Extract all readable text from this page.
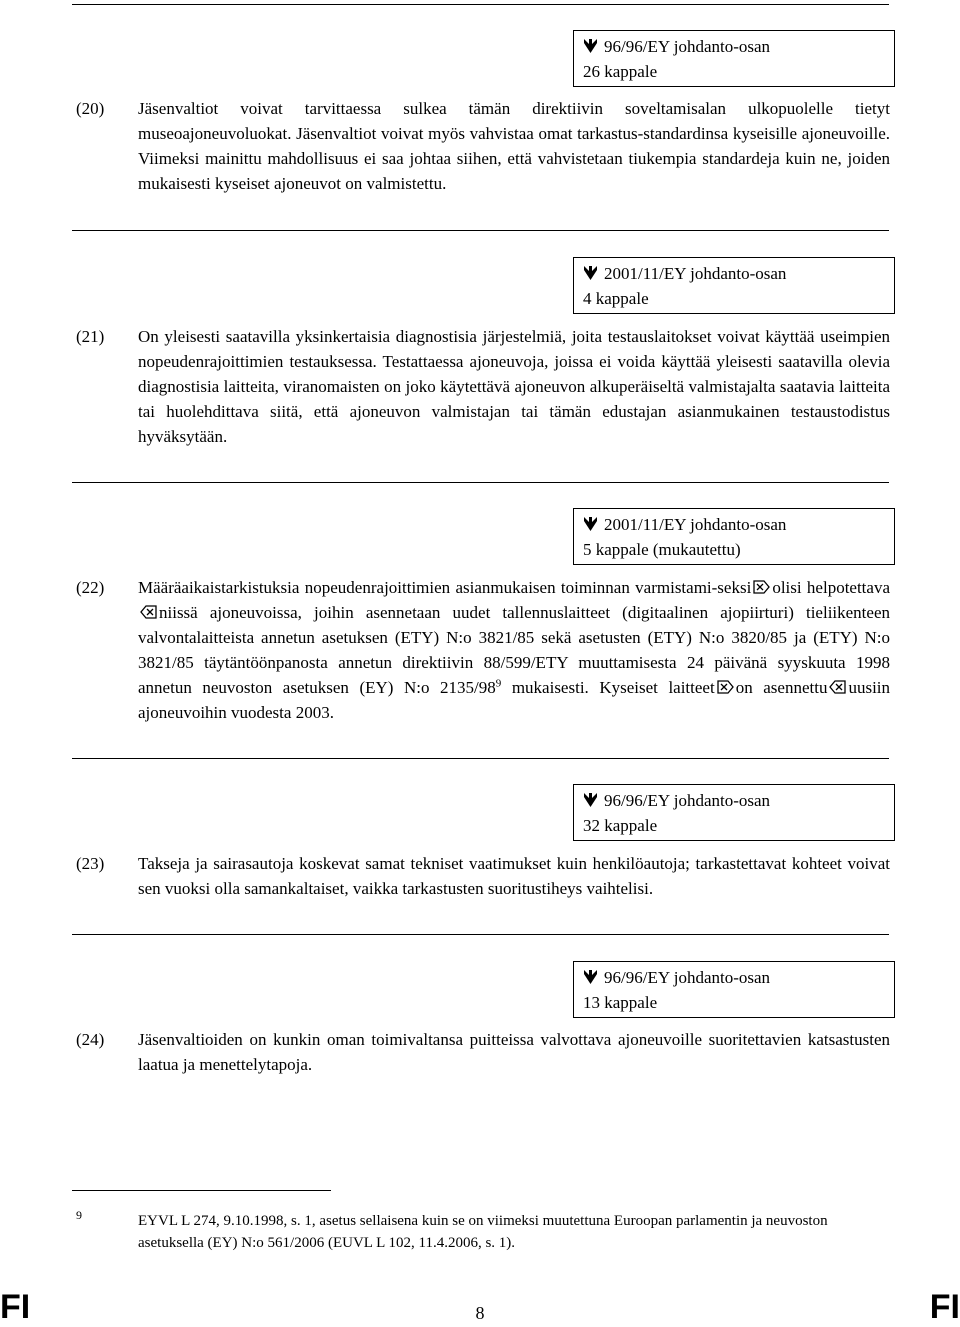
96/96/EY johdanto-osan
26 kappale
(20) Jäsenvaltiot voivat tarvittaessa sulkea tämän direktiivin soveltamisalan ulkopuolelle tietyt museoajoneuvoluokat. Jäsenvaltiot voivat myös vahvistaa omat tarkastus-standardinsa kyseisille ajoneuvoille. Viimeksi mainittu mahdollisuus ei saa johtaa siihen, että vahvistetaan tiukempia standardeja kuin ne, joiden mukaisesti kyseiset ajoneuvot on valmistettu.
2001/11/EY johdanto-osan
4 kappale
(21) On yleisesti saatavilla yksinkertaisia diagnostisia järjestelmiä, joita testauslaitokset voivat käyttää useimpien nopeudenrajoittimien testauksessa. Testattaessa ajoneuvoja, joissa ei voida käyttää yleisesti saatavilla olevia diagnostisia laitteita, viranomaisten on joko käytettävä ajoneuvon alkuperäiseltä valmistajalta saatavia laitteita tai huolehdittava siitä, että ajoneuvon valmistajan tai tämän edustajan asianmukainen testaustodistus hyväksytään.
2001/11/EY johdanto-osan
5 kappale (mukautettu)
(22) Määräaikaistarkistuksia nopeudenrajoittimien asianmukaisen toiminnan varmistami-seksi olisi helpotettavaniissä ajoneuvoissa, joihin asennetaan uudet tallennuslaitteet (digitaalinen ajopiirturi) tieliikenteen valvontalaitteista annetun asetuksen (ETY) N:o 3821/85 sekä asetusten (ETY) N:o 3820/85 ja (ETY) N:o 3821/85 täytäntöönpanosta annetun direktiivin 88/599/ETY muuttamisesta 24 päivänä syyskuuta 1998 annetun neuvoston asetuksen (EY) N:o $2135/98^9$ mukaisesti. Kyseiset laitteet on asennettu uusiin ajoneuvoihin vuodesta 2003.
96/96/EY johdanto-osan
32 kappale
(23) Takseja ja sairasautoja koskevat samat tekniset vaatimukset kuin henkilöautoja; tarkastettavat kohteet voivat sen vuoksi olla samankaltaiset, vaikka tarkastusten suoritustiheys vaihtelisi.
96/96/EY johdanto-osan
13 kappale
(24) Jäsenvaltioiden on kunkin oman toimivaltansa puitteissa valvottava ajoneuvoille suoritettavien katsastusten laatua ja menettelytapoja.
9	EYVL L 274, 9.10.1998, s. 1, asetus sellaisena kuin se on viimeksi muutettuna Euroopan parlamentin ja neuvoston asetuksella (EY) N:o 561/2006 (EUVL L 102, 11.4.2006, s. 1).
FI	8	FI
